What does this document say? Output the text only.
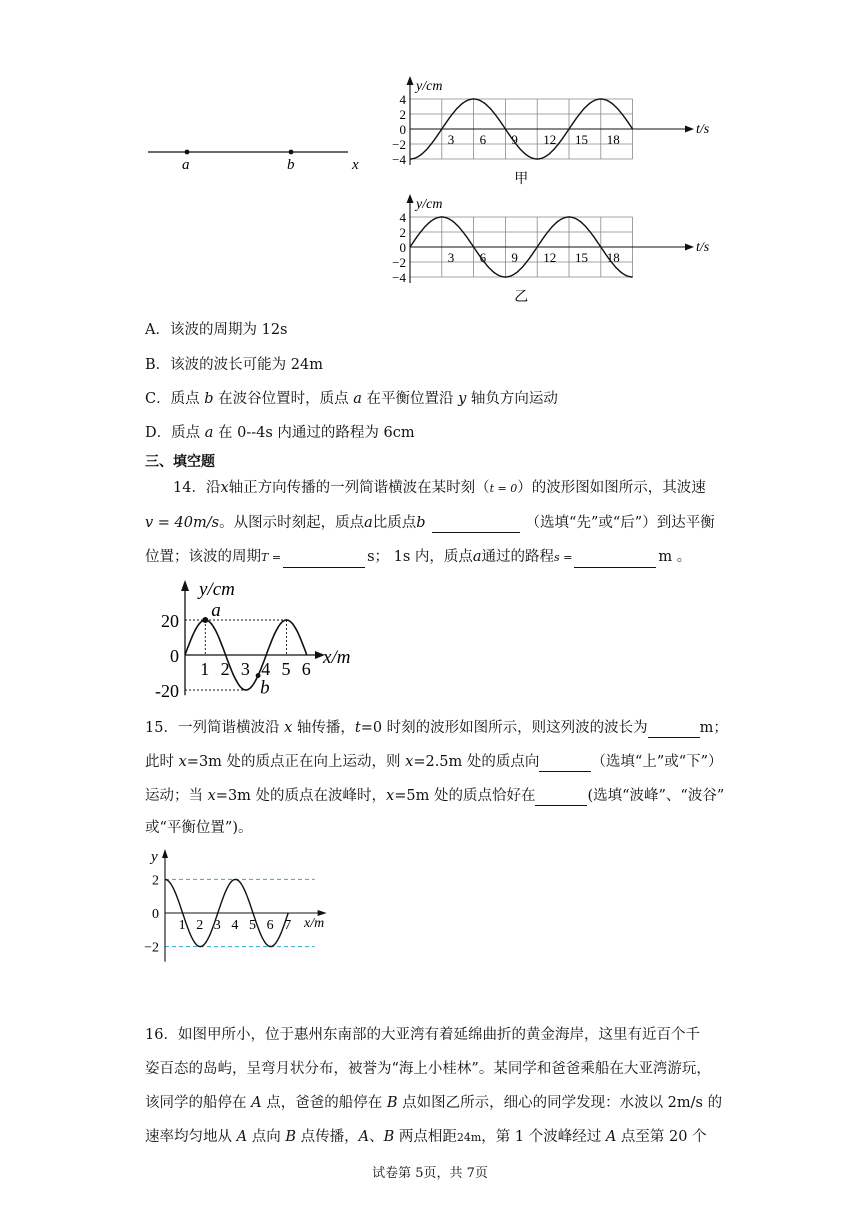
a	b	x
y/cm
t/s
4
2
0
−2
−4
3 6 9 12 15 18
甲
y/cm
t/s
4
2
0
−2
−4
3 6 9 12 15 18
乙
A．该波的周期为 12s
B．该波的波长可能为 24m
C．质点 b 在波谷位置时，质点 a 在平衡位置沿 y 轴负方向运动
D．质点 a 在 0--4s 内通过的路程为 6cm
三、填空题
14．沿x轴正方向传播的一列简谐横波在某时刻（t = 0）的波形图如图所示，其波速
v = 40m/s。从图示时刻起，质点a比质点b	（选填“先”或“后”）到达平衡
位置；该波的周期T =	s； 1s 内，质点a通过的路程s =	m 。
y/cm
x/m
20
0
-20
1 2 3 4 5 6
a
b
15．一列简谐横波沿 x 轴传播，t=0 时刻的波形如图所示，则这列波的波长为	m；
此时 x=3m 处的质点正在向上运动，则 x=2.5m 处的质点向	（选填“上”或“下”）
运动；当 x=3m 处的质点在波峰时，x=5m 处的质点恰好在	(选填“波峰”、“波谷”
或“平衡位置”)。
y
x/m
2
0
−2
1 2 3 4 5 6 7
16．如图甲所小，位于惠州东南部的大亚湾有着延绵曲折的黄金海岸，这里有近百个千
姿百态的岛屿，呈弯月状分布，被誉为“海上小桂林”。某同学和爸爸乘船在大亚湾游玩，
该同学的船停在 A 点，爸爸的船停在 B 点如图乙所示，细心的同学发现：水波以 2m/s 的
速率均匀地从 A 点向 B 点传播，A、B 两点相距24m，第 1 个波峰经过 A 点至第 20 个
试卷第 5页，共 7页
